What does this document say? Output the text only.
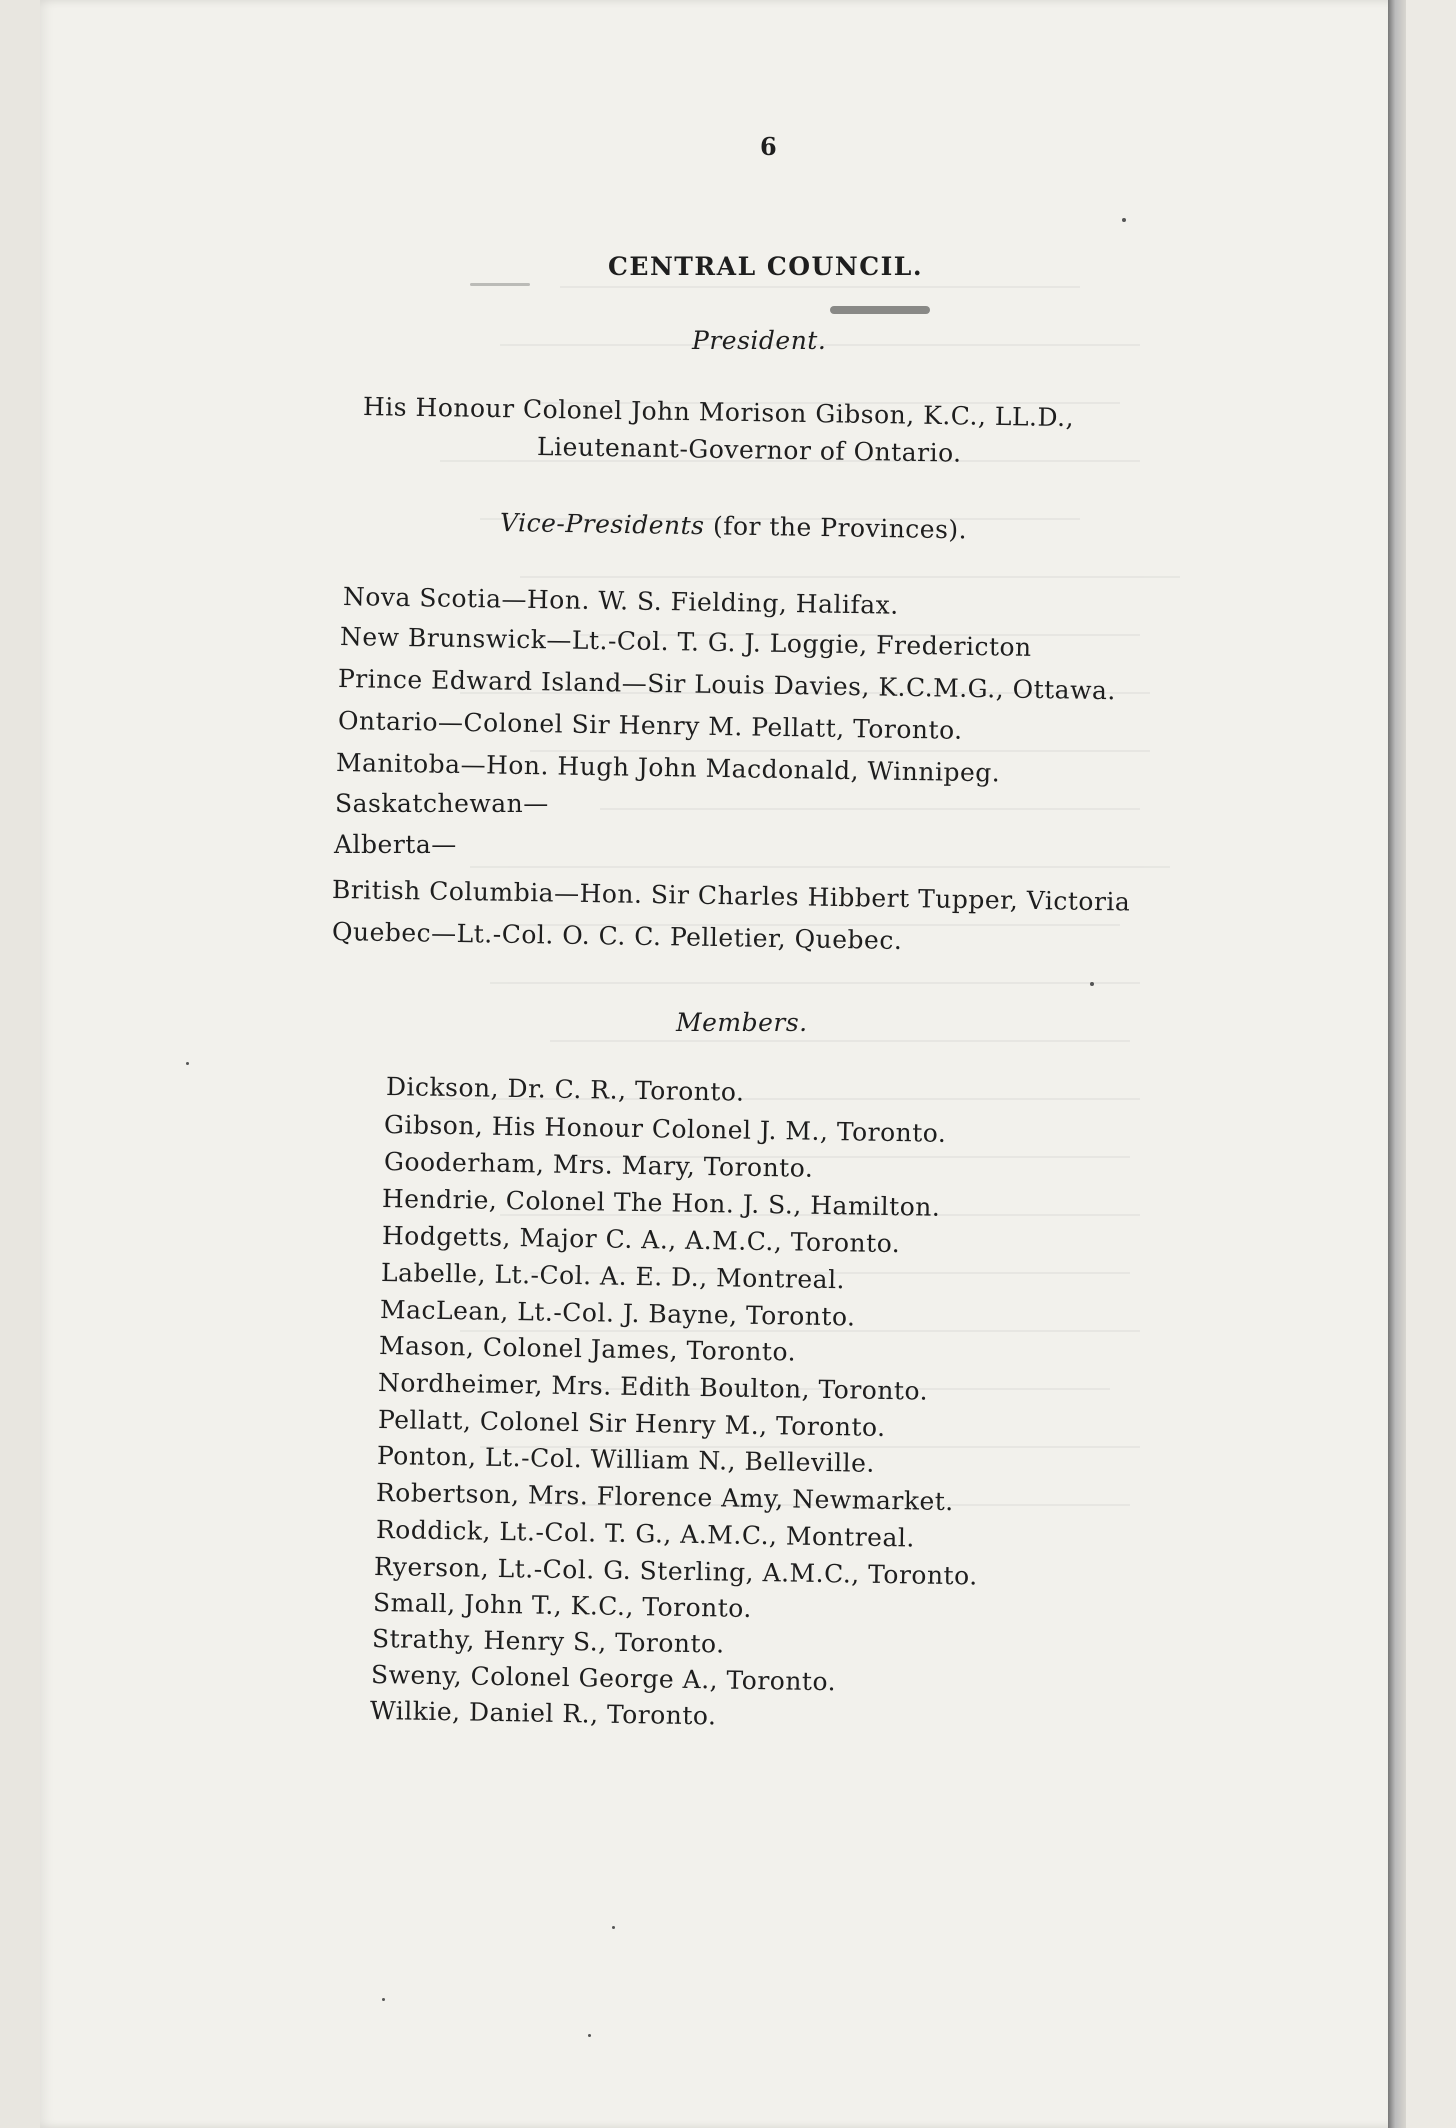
6
CENTRAL COUNCIL.
President.
His Honour Colonel John Morison Gibson, K.C., LL.D.,
Lieutenant-Governor of Ontario.
Vice-Presidents (for the Provinces).
Nova Scotia—Hon. W. S. Fielding, Halifax.
New Brunswick—Lt.-Col. T. G. J. Loggie, Fredericton
Prince Edward Island—Sir Louis Davies, K.C.M.G., Ottawa.
Ontario—Colonel Sir Henry M. Pellatt, Toronto.
Manitoba—Hon. Hugh John Macdonald, Winnipeg.
Saskatchewan—
Alberta—
British Columbia—Hon. Sir Charles Hibbert Tupper, Victoria
Quebec—Lt.-Col. O. C. C. Pelletier, Quebec.
Members.
Dickson, Dr. C. R., Toronto.
Gibson, His Honour Colonel J. M., Toronto.
Gooderham, Mrs. Mary, Toronto.
Hendrie, Colonel The Hon. J. S., Hamilton.
Hodgetts, Major C. A., A.M.C., Toronto.
Labelle, Lt.-Col. A. E. D., Montreal.
MacLean, Lt.-Col. J. Bayne, Toronto.
Mason, Colonel James, Toronto.
Nordheimer, Mrs. Edith Boulton, Toronto.
Pellatt, Colonel Sir Henry M., Toronto.
Ponton, Lt.-Col. William N., Belleville.
Robertson, Mrs. Florence Amy, Newmarket.
Roddick, Lt.-Col. T. G., A.M.C., Montreal.
Ryerson, Lt.-Col. G. Sterling, A.M.C., Toronto.
Small, John T., K.C., Toronto.
Strathy, Henry S., Toronto.
Sweny, Colonel George A., Toronto.
Wilkie, Daniel R., Toronto.
